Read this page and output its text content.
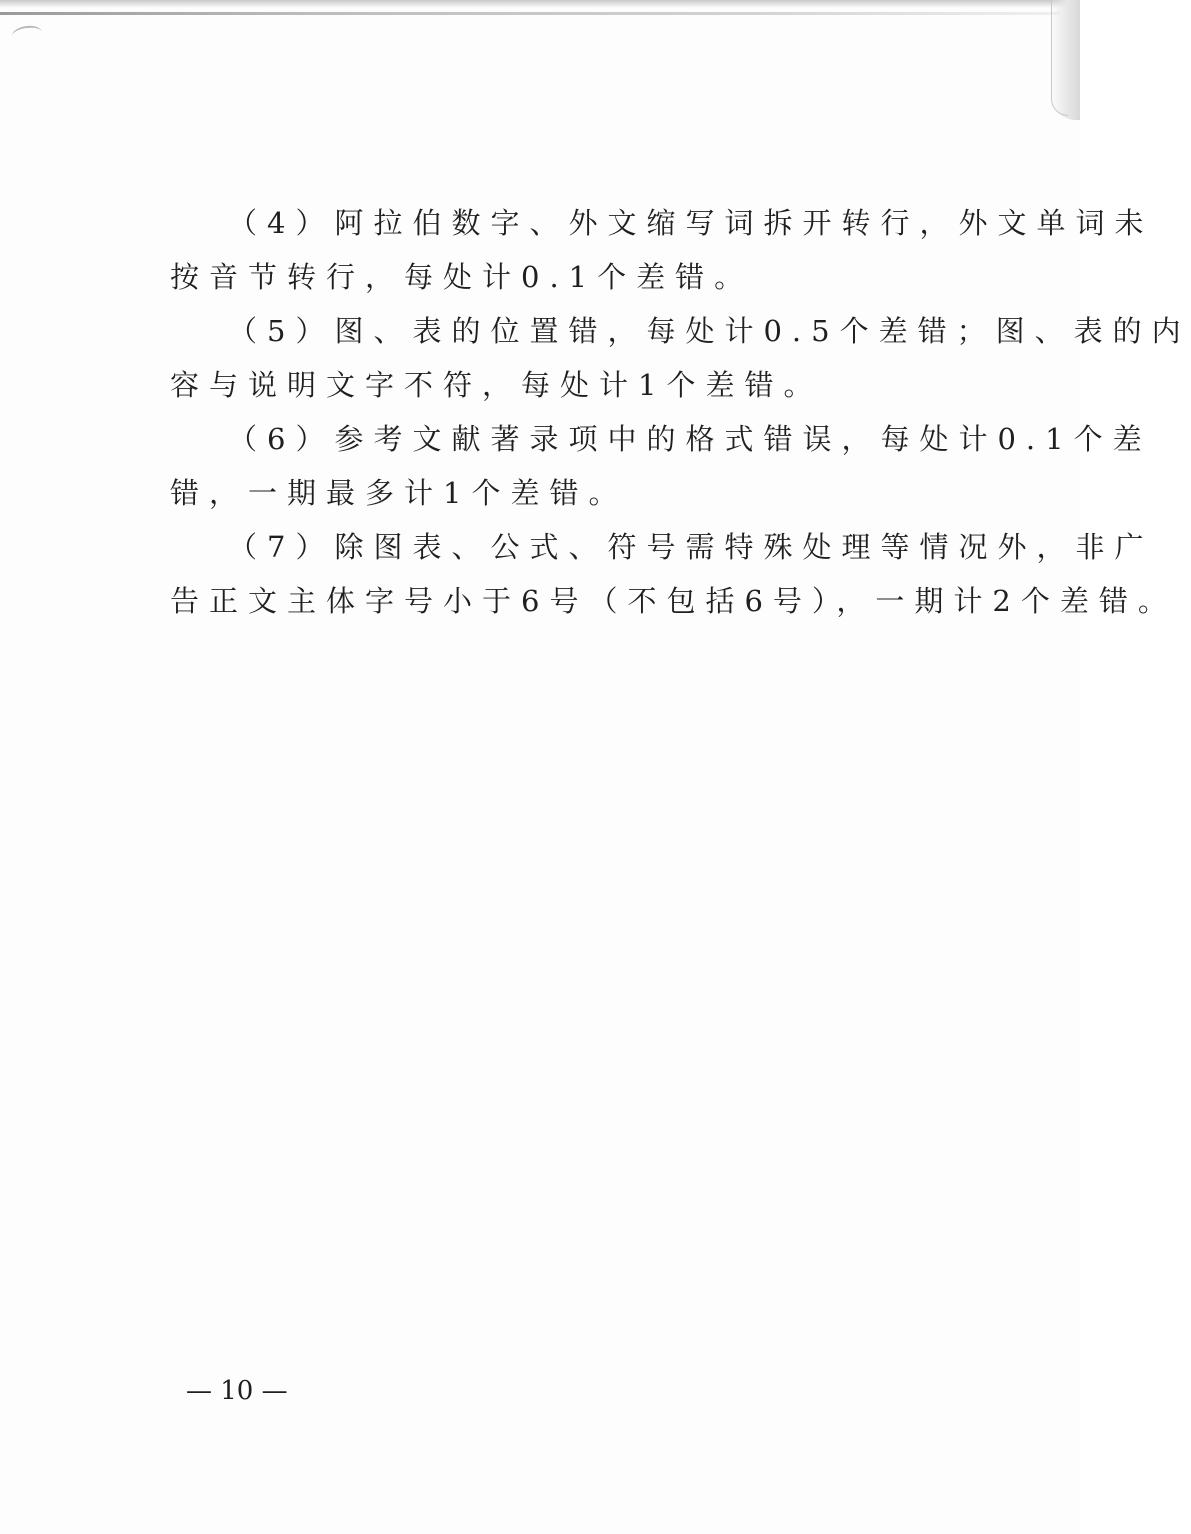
（4）阿拉伯数字、外文缩写词拆开转行，外文单词未
按音节转行，每处计0.1个差错。

（5）图、表的位置错，每处计0.5个差错；图、表的内
容与说明文字不符，每处计1个差错。

（6）参考文献著录项中的格式错误，每处计0.1个差
错，一期最多计1个差错。

（7）除图表、公式、符号需特殊处理等情况外，非广
告正文主体字号小于6号（不包括6号），一期计2个差错。

— 10 —
